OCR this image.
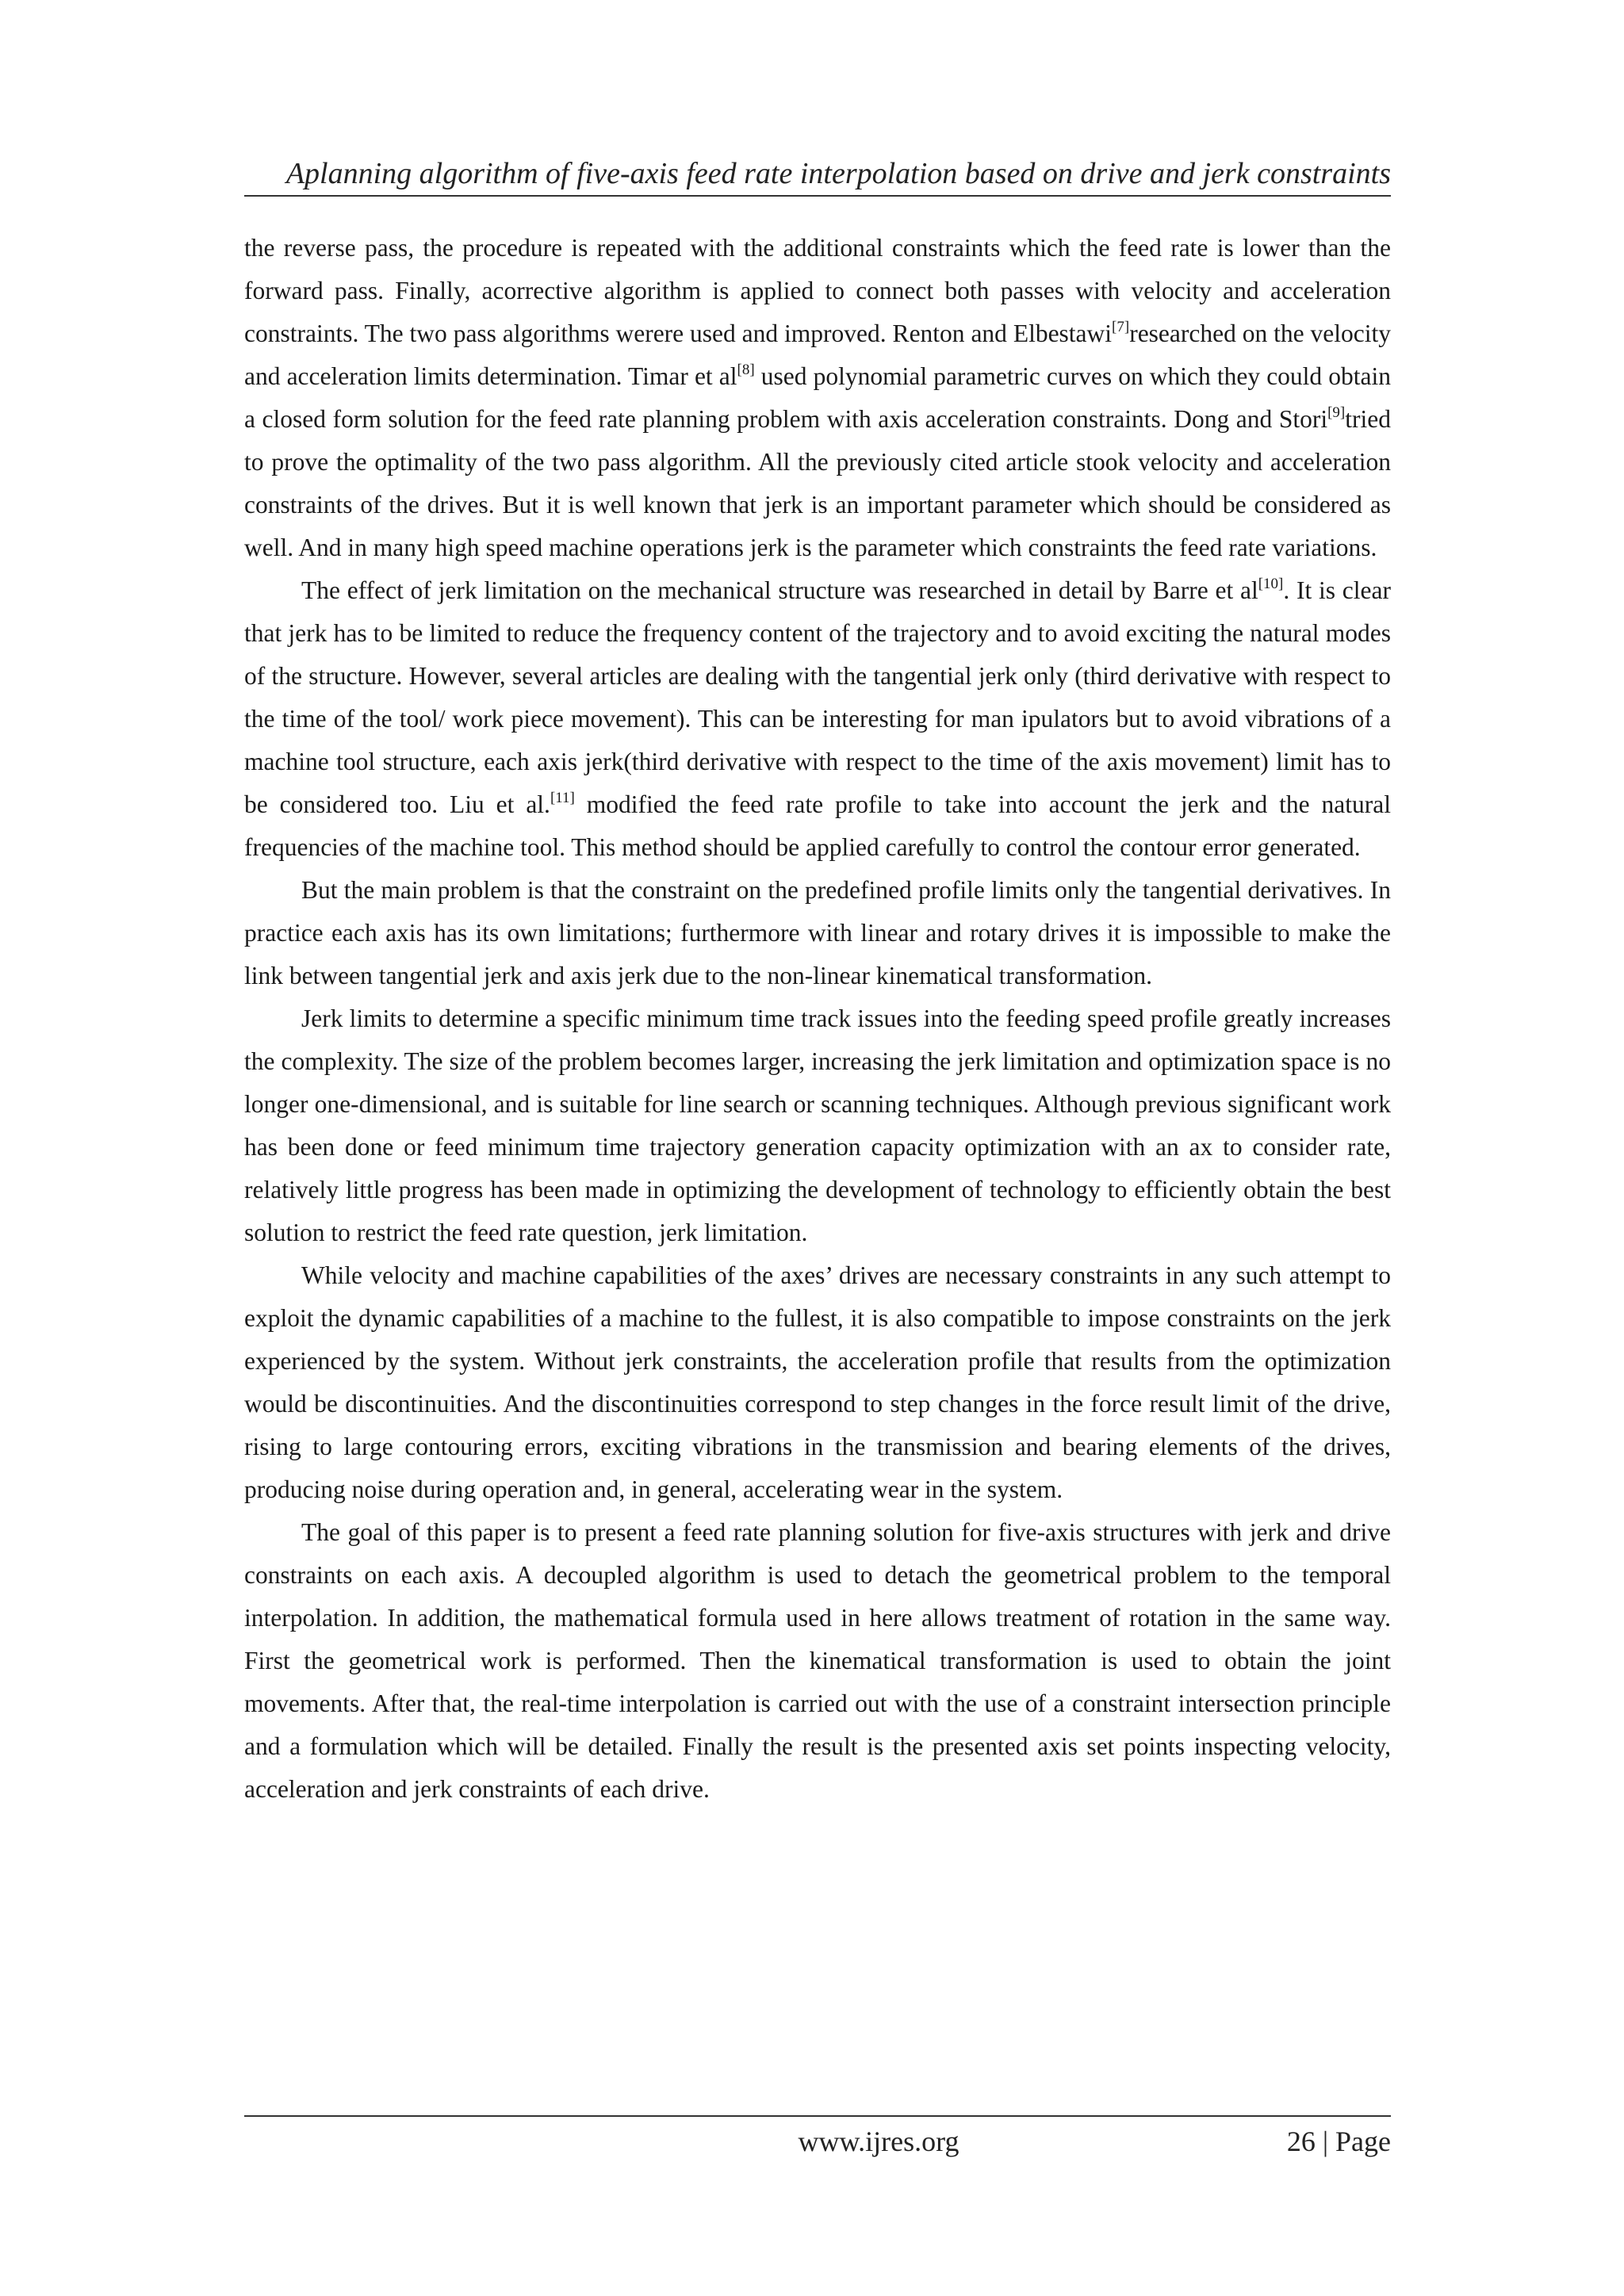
Aplanning algorithm of five-axis feed rate interpolation based on drive and jerk constraints

the reverse pass, the procedure is repeated with the additional constraints which the feed rate is lower than the forward pass. Finally, acorrective algorithm is applied to connect both passes with velocity and acceleration constraints. The two pass algorithms werere used and improved. Renton and Elbestawi[7]researched on the velocity and acceleration limits determination. Timar et al[8] used polynomial parametric curves on which they could obtain a closed form solution for the feed rate planning problem with axis acceleration constraints. Dong and Stori[9]tried to prove the optimality of the two pass algorithm. All the previously cited article stook velocity and acceleration constraints of the drives. But it is well known that jerk is an important parameter which should be considered as well. And in many high speed machine operations jerk is the parameter which constraints the feed rate variations.

The effect of jerk limitation on the mechanical structure was researched in detail by Barre et al[10]. It is clear that jerk has to be limited to reduce the frequency content of the trajectory and to avoid exciting the natural modes of the structure. However, several articles are dealing with the tangential jerk only (third derivative with respect to the time of the tool/ work piece movement). This can be interesting for man ipulators but to avoid vibrations of a machine tool structure, each axis jerk(third derivative with respect to the time of the axis movement) limit has to be considered too. Liu et al.[11] modified the feed rate profile to take into account the jerk and the natural frequencies of the machine tool. This method should be applied carefully to control the contour error generated.

But the main problem is that the constraint on the predefined profile limits only the tangential derivatives. In practice each axis has its own limitations; furthermore with linear and rotary drives it is impossible to make the link between tangential jerk and axis jerk due to the non-linear kinematical transformation.

Jerk limits to determine a specific minimum time track issues into the feeding speed profile greatly increases the complexity. The size of the problem becomes larger, increasing the jerk limitation and optimization space is no longer one-dimensional, and is suitable for line search or scanning techniques. Although previous significant work has been done or feed minimum time trajectory generation capacity optimization with an ax to consider rate, relatively little progress has been made in optimizing the development of technology to efficiently obtain the best solution to restrict the feed rate question, jerk limitation.

While velocity and machine capabilities of the axes’ drives are necessary constraints in any such attempt to exploit the dynamic capabilities of a machine to the fullest, it is also compatible to impose constraints on the jerk experienced by the system. Without jerk constraints, the acceleration profile that results from the optimization would be discontinuities. And the discontinuities correspond to step changes in the force result limit of the drive, rising to large contouring errors, exciting vibrations in the transmission and bearing elements of the drives, producing noise during operation and, in general, accelerating wear in the system.

The goal of this paper is to present a feed rate planning solution for five-axis structures with jerk and drive constraints on each axis. A decoupled algorithm is used to detach the geometrical problem to the temporal interpolation. In addition, the mathematical formula used in here allows treatment of rotation in the same way. First the geometrical work is performed. Then the kinematical transformation is used to obtain the joint movements. After that, the real-time interpolation is carried out with the use of a constraint intersection principle and a formulation which will be detailed. Finally the result is the presented axis set points inspecting velocity, acceleration and jerk constraints of each drive.

www.ijres.org	26 | Page
